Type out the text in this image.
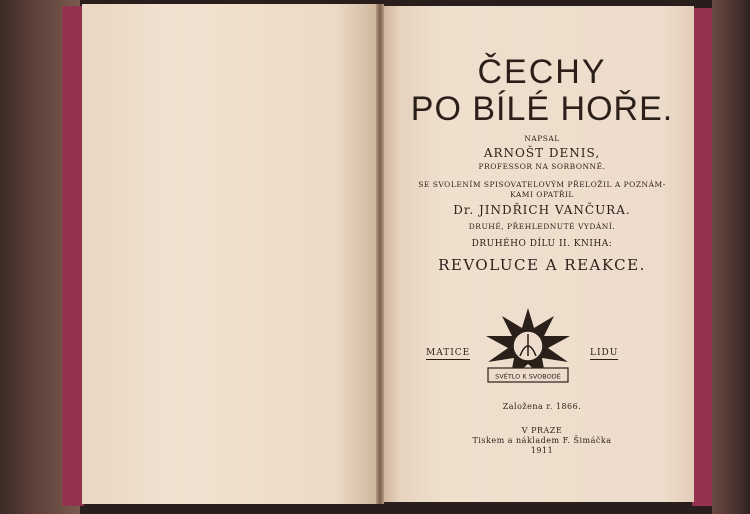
ČECHY
PO BÍLÉ HOŘE.
NAPSAL
ARNOŠT DENIS,
PROFESSOR NA SORBONNĚ.
SE SVOLENÍM SPISOVATELOVÝM PŘELOŽIL A POZNÁM-
KAMI OPATŘIL
Dr. JINDŘICH VANČURA.
DRUHÉ, PŘEHLEDNUTÉ VYDÁNÍ.
DRUHÉHO DÍLU II. KNIHA:
REVOLUCE A REAKCE.
MATICE
SVĚTLO K SVOBODĚ
LIDU
Založena r. 1866.
V PRAZE
Tiskem a nákladem F. Šimáčka
1911
